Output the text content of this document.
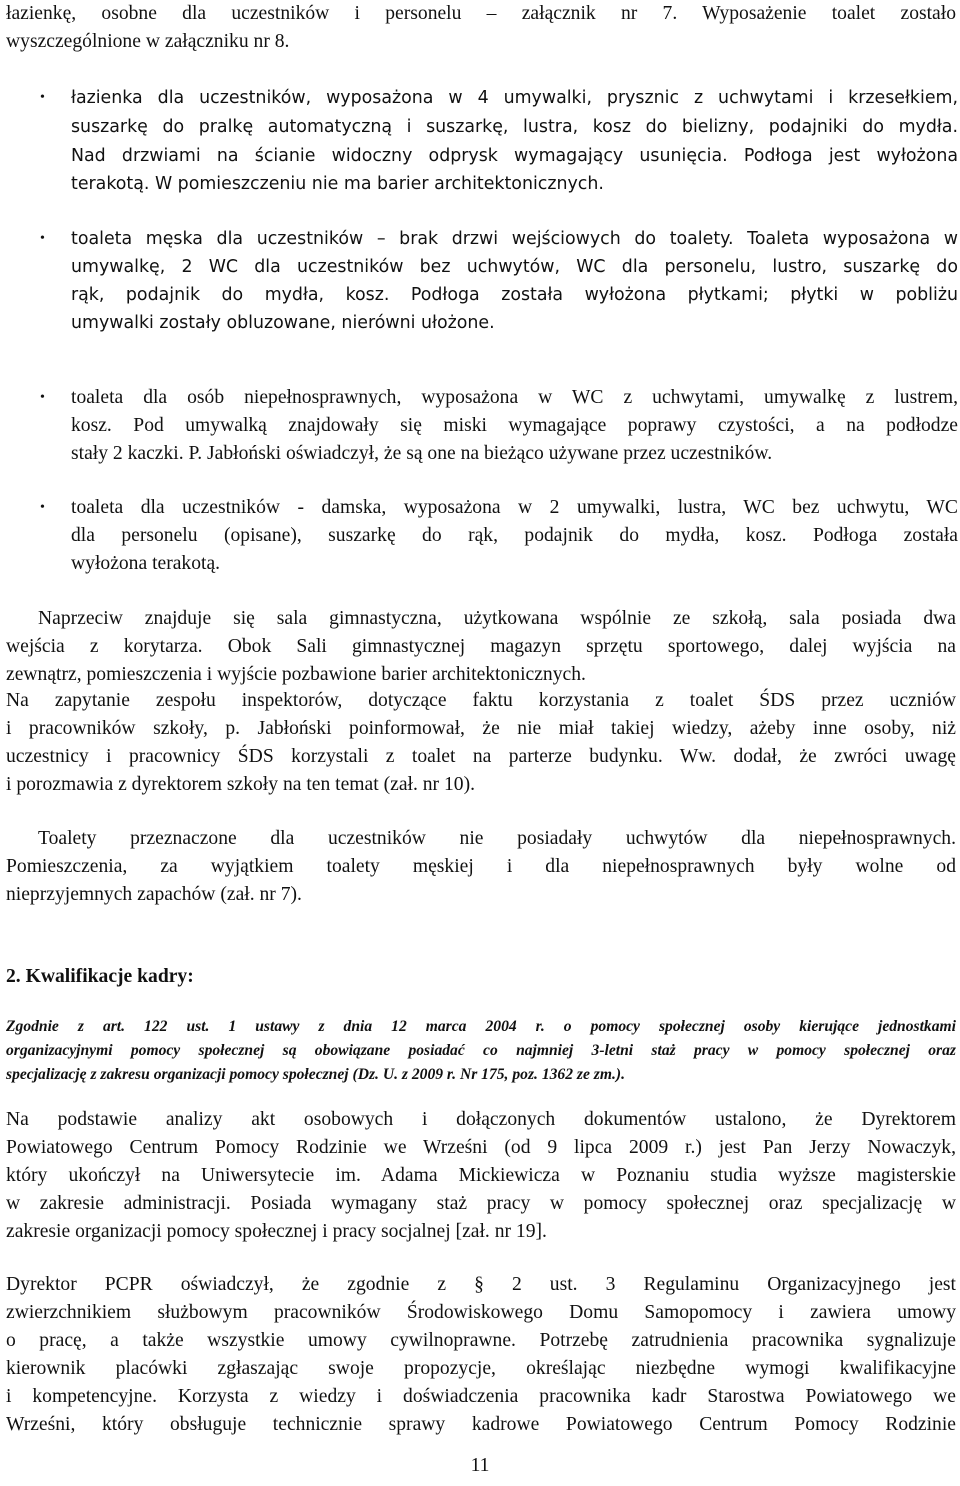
łazienkę, osobne dla uczestników i personelu – załącznik nr 7. Wyposażenie toalet zostało
wyszczególnione w załączniku nr 8.
• łazienka dla uczestników, wyposażona w 4 umywalki, prysznic z uchwytami i krzesełkiem,
suszarkę do pralkę automatyczną i suszarkę, lustra, kosz do bielizny, podajniki do mydła.
Nad drzwiami na ścianie widoczny odprysk wymagający usunięcia. Podłoga jest wyłożona
terakotą. W pomieszczeniu nie ma barier architektonicznych.
• toaleta męska dla uczestników – brak drzwi wejściowych do toalety. Toaleta wyposażona w
umywalkę, 2 WC dla uczestników bez uchwytów, WC dla personelu, lustro, suszarkę do
rąk, podajnik do mydła, kosz. Podłoga została wyłożona płytkami; płytki w pobliżu
umywalki zostały obluzowane, nierówni ułożone.
• toaleta dla osób niepełnosprawnych, wyposażona w WC z uchwytami, umywalkę z lustrem,
kosz. Pod umywalką znajdowały się miski wymagające poprawy czystości, a na podłodze
stały 2 kaczki. P. Jabłoński oświadczył, że są one na bieżąco używane przez uczestników.
• toaleta dla uczestników - damska, wyposażona w 2 umywalki, lustra, WC bez uchwytu, WC
dla personelu (opisane), suszarkę do rąk, podajnik do mydła, kosz. Podłoga została
wyłożona terakotą.
Naprzeciw znajduje się sala gimnastyczna, użytkowana wspólnie ze szkołą, sala posiada dwa
wejścia z korytarza. Obok Sali gimnastycznej magazyn sprzętu sportowego, dalej wyjścia na
zewnątrz, pomieszczenia i wyjście pozbawione barier architektonicznych.
Na zapytanie zespołu inspektorów, dotyczące faktu korzystania z toalet ŚDS przez uczniów
i pracowników szkoły, p. Jabłoński poinformował, że nie miał takiej wiedzy, ażeby inne osoby, niż
uczestnicy i pracownicy ŚDS korzystali z toalet na parterze budynku. Ww. dodał, że zwróci uwagę
i porozmawia z dyrektorem szkoły na ten temat (zał. nr 10).
Toalety przeznaczone dla uczestników nie posiadały uchwytów dla niepełnosprawnych.
Pomieszczenia, za wyjątkiem toalety męskiej i dla niepełnosprawnych były wolne od
nieprzyjemnych zapachów (zał. nr 7).
2. Kwalifikacje kadry:
Zgodnie z art. 122 ust. 1 ustawy z dnia 12 marca 2004 r. o pomocy społecznej osoby kierujące jednostkami
organizacyjnymi pomocy społecznej są obowiązane posiadać co najmniej 3-letni staż pracy w pomocy społecznej oraz
specjalizację z zakresu organizacji pomocy społecznej (Dz. U. z 2009 r. Nr 175, poz. 1362 ze zm.).
Na podstawie analizy akt osobowych i dołączonych dokumentów ustalono, że Dyrektorem
Powiatowego Centrum Pomocy Rodzinie we Wrześni (od 9 lipca 2009 r.) jest Pan Jerzy Nowaczyk,
który ukończył na Uniwersytecie im. Adama Mickiewicza w Poznaniu studia wyższe magisterskie
w zakresie administracji. Posiada wymagany staż pracy w pomocy społecznej oraz specjalizację w
zakresie organizacji pomocy społecznej i pracy socjalnej [zał. nr 19].
Dyrektor PCPR oświadczył, że zgodnie z § 2 ust. 3 Regulaminu Organizacyjnego jest
zwierzchnikiem służbowym pracowników Środowiskowego Domu Samopomocy i zawiera umowy
o pracę, a także wszystkie umowy cywilnoprawne. Potrzebę zatrudnienia pracownika sygnalizuje
kierownik placówki zgłaszając swoje propozycje, określając niezbędne wymogi kwalifikacyjne
i kompetencyjne. Korzysta z wiedzy i doświadczenia pracownika kadr Starostwa Powiatowego we
Wrześni, który obsługuje technicznie sprawy kadrowe Powiatowego Centrum Pomocy Rodzinie
11
